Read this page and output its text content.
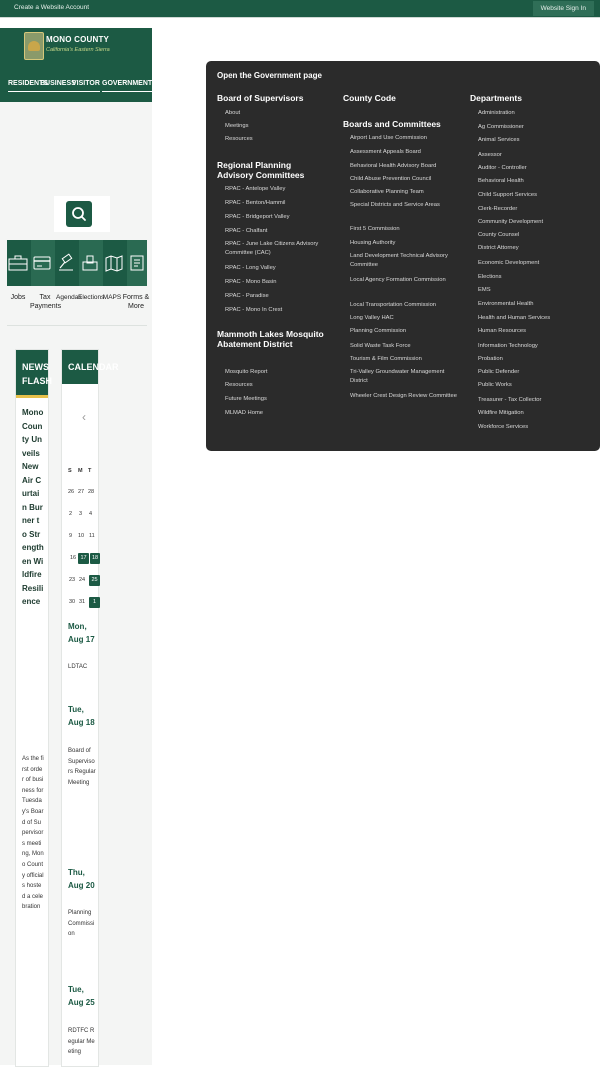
Create a Website Account	Website Sign In
MONO COUNTY
California's Eastern Sierra
RESIDENTS
BUSINESS
VISITOR GOVERNMENT
Jobs	Tax Payments
Agendas
Elections
MAPS Forms & More
NEWS FLASH
Mono County Unveils New Air Curtain Burner to Strengthen Wildfire Resilience
As the first order of business for Tuesday's Board of Supervisors meeting, Mono County officials hosted a celebration
CALENDAR
‹
S M T
26 27 28
2 3 4
9 10 11
16 17 18
23 24	25
30 31	1
Mon, Aug 17
LDTAC
Tue, Aug 18
Board of Supervisors Regular Meeting
Thu, Aug 20
Planning Commission
Tue, Aug 25
RDTFC Regular Meeting
Open the Government page
Board of Supervisors
About
Meetings
Resources
Regional Planning Advisory Committees
RPAC - Antelope Valley
RPAC - Benton/Hammil
RPAC - Bridgeport Valley
RPAC - Chalfant
RPAC - June Lake Citizens Advisory Committee (CAC)
RPAC - Long Valley
RPAC - Mono Basin
RPAC - Paradise
RPAC - Mono In Crest
Mammoth Lakes Mosquito Abatement District
Mosquito Report
Resources
Future Meetings
MLMAD Home
County Code
Boards and Committees
Airport Land Use Commission
Assessment Appeals Board
Behavioral Health Advisory Board
Child Abuse Prevention Council
Collaborative Planning Team
Special Districts and Service Areas
First 5 Commission
Housing Authority
Land Development Technical Advisory Committee
Local Agency Formation Commission
Local Transportation Commission
Long Valley HAC
Planning Commission
Solid Waste Task Force
Tourism & Film Commission
Tri-Valley Groundwater Management District
Wheeler Crest Design Review Committee
Departments
Administration
Ag Commissioner
Animal Services
Assessor
Auditor - Controller
Behavioral Health
Child Support Services
Clerk-Recorder
Community Development
County Counsel
District Attorney
Economic Development
Elections
EMS
Environmental Health
Health and Human Services
Human Resources
Information Technology
Probation
Public Defender
Public Works
Treasurer - Tax Collector
Wildfire Mitigation
Workforce Services
